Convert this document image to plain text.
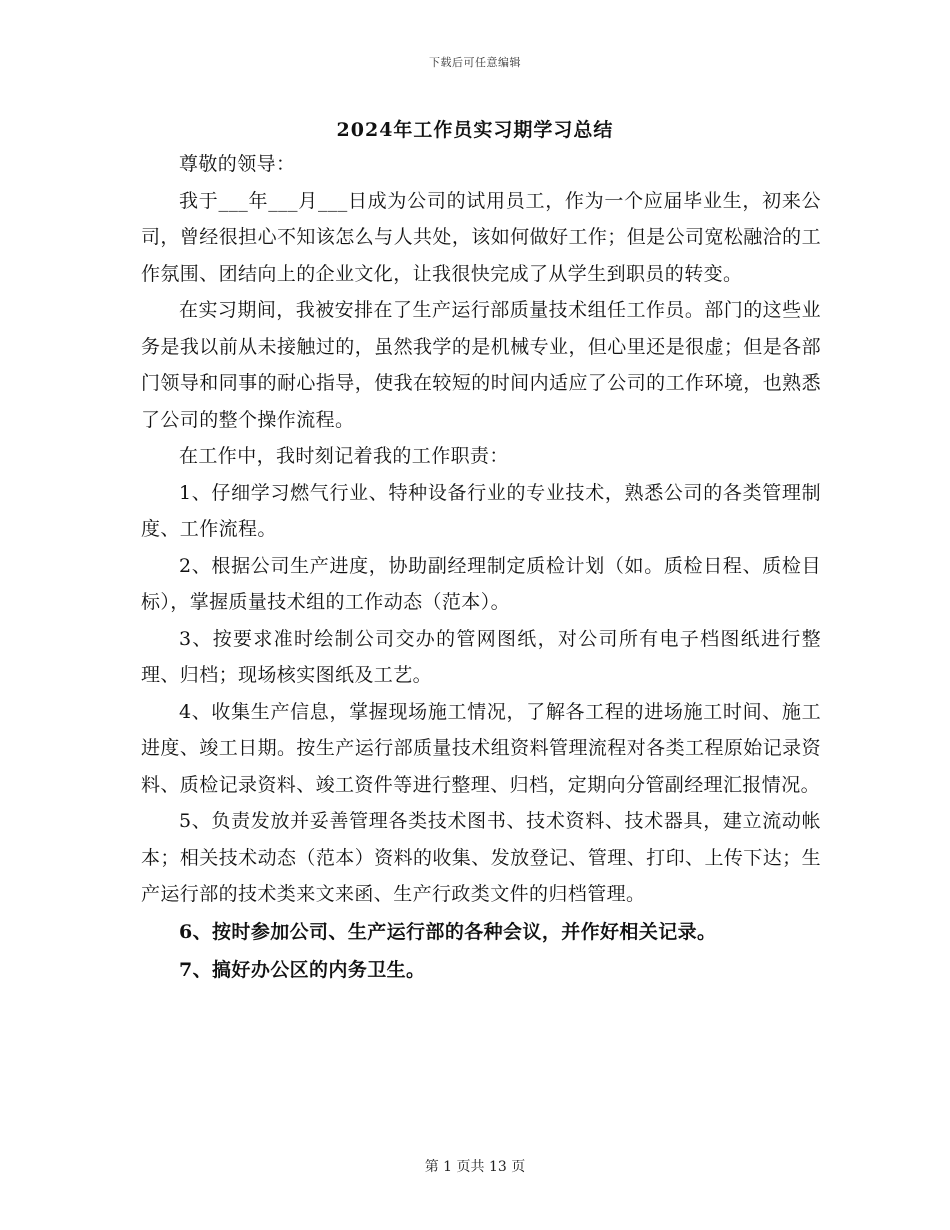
下载后可任意编辑
2024年工作员实习期学习总结

尊敬的领导：

我于___年___月___日成为公司的试用员工，作为一个应届毕业生，初来公司，曾经很担心不知该怎么与人共处，该如何做好工作；但是公司宽松融洽的工作氛围、团结向上的企业文化，让我很快完成了从学生到职员的转变。

在实习期间，我被安排在了生产运行部质量技术组任工作员。部门的这些业务是我以前从未接触过的，虽然我学的是机械专业，但心里还是很虚；但是各部门领导和同事的耐心指导，使我在较短的时间内适应了公司的工作环境，也熟悉了公司的整个操作流程。

在工作中，我时刻记着我的工作职责：

1、仔细学习燃气行业、特种设备行业的专业技术，熟悉公司的各类管理制度、工作流程。

2、根据公司生产进度，协助副经理制定质检计划（如。质检日程、质检目标），掌握质量技术组的工作动态（范本）。

3、按要求准时绘制公司交办的管网图纸，对公司所有电子档图纸进行整理、归档；现场核实图纸及工艺。

4、收集生产信息，掌握现场施工情况，了解各工程的进场施工时间、施工进度、竣工日期。按生产运行部质量技术组资料管理流程对各类工程原始记录资料、质检记录资料、竣工资件等进行整理、归档，定期向分管副经理汇报情况。

5、负责发放并妥善管理各类技术图书、技术资料、技术器具，建立流动帐本；相关技术动态（范本）资料的收集、发放登记、管理、打印、上传下达；生产运行部的技术类来文来函、生产行政类文件的归档管理。

6、按时参加公司、生产运行部的各种会议，并作好相关记录。

7、搞好办公区的内务卫生。

第 1 页共 13 页
